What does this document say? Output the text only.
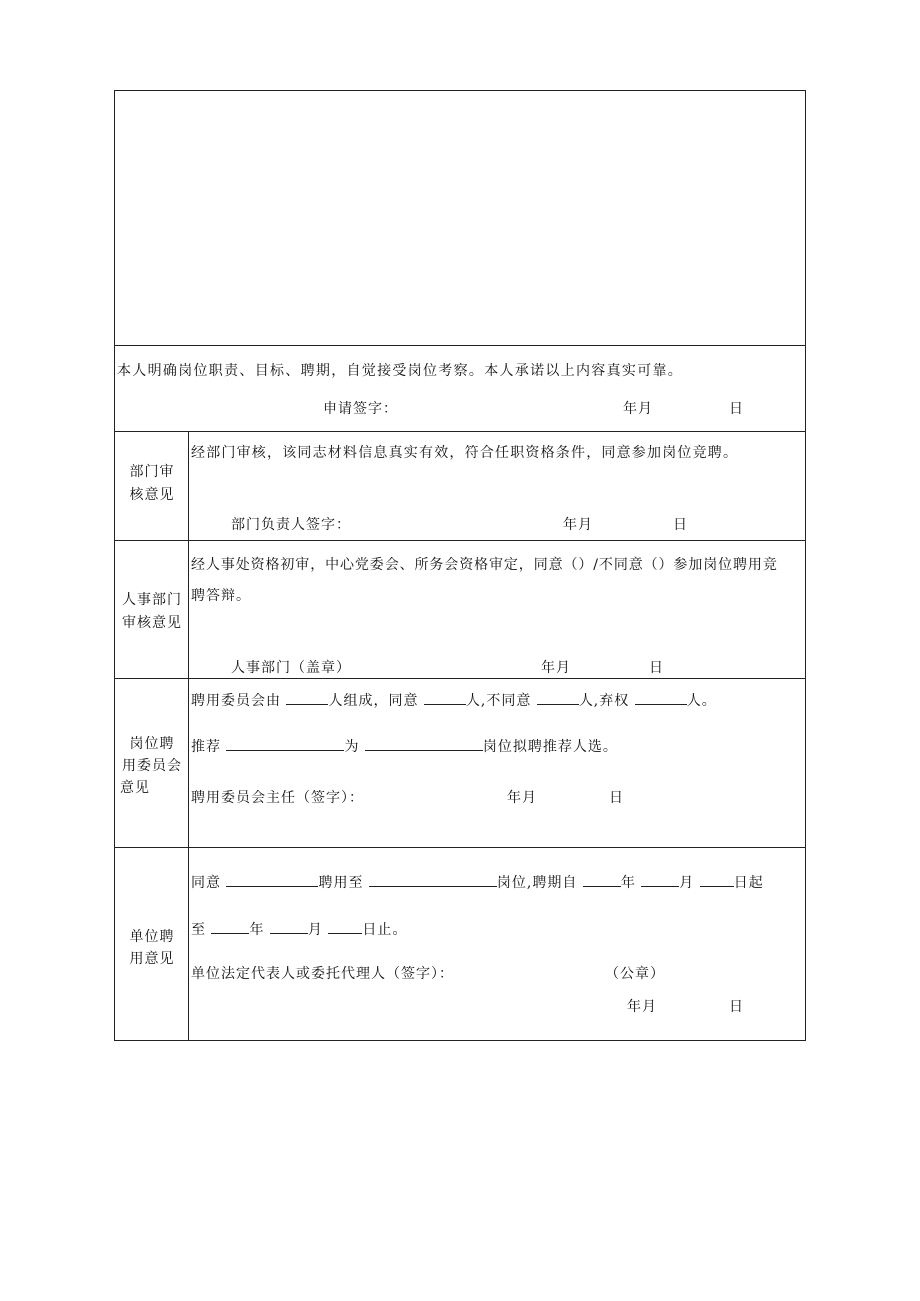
本人明确岗位职责、目标、聘期，自觉接受岗位考察。本人承诺以上内容真实可靠。
申请签字：	年月	日
部门审
核意见
经部门审核，该同志材料信息真实有效，符合任职资格条件，同意参加岗位竞聘。
部门负责人签字：	年月	日
人事部门
审核意见
经人事处资格初审，中心党委会、所务会资格审定，同意（）/不同意（）参加岗位聘用竞
聘答辩。
人事部门（盖章）	年月	日
岗位聘
用委员会
意见
聘用委员会由	人组成，同意	人,不同意	人,弃权	人。
推荐	为	岗位拟聘推荐人选。
聘用委员会主任（签字）：	年月	日
单位聘
用意见
同意	聘用至	岗位,聘期自	年	月	日起
至	年	月	日止。
单位法定代表人或委托代理人（签字）：	（公章）
年月	日
